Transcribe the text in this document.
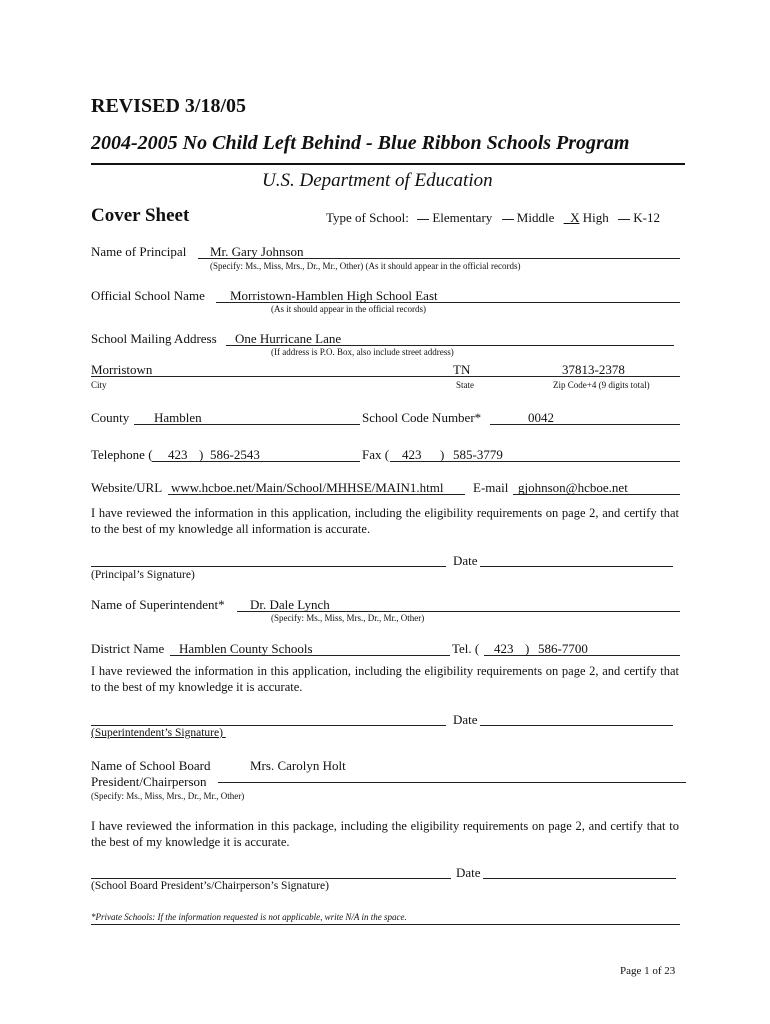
REVISED 3/18/05
2004-2005 No Child Left Behind - Blue Ribbon Schools Program
U.S. Department of Education
Cover Sheet	Type of School: Elementary Middle X High K-12
Name of Principal Mr. Gary Johnson
(Specify: Ms., Miss, Mrs., Dr., Mr., Other) (As it should appear in the official records)
Official School Name Morristown-Hamblen High School East
(As it should appear in the official records)
School Mailing Address One Hurricane Lane
(If address is P.O. Box, also include street address)
Morristown	TN	37813-2378
City	State	Zip Code+4 (9 digits total)
County Hamblen	School Code Number*	0042
Telephone ( 423 ) 586-2543	Fax ( 423 ) 585-3779
Website/URL www.hcboe.net/Main/School/MHHSE/MAIN1.html E-mail gjohnson@hcboe.net
I have reviewed the information in this application, including the eligibility requirements on page 2, and certify that to the best of my knowledge all information is accurate.
Date
(Principal’s Signature)
Name of Superintendent* Dr. Dale Lynch
(Specify: Ms., Miss, Mrs., Dr., Mr., Other)
District Name Hamblen County Schools	Tel. ( 423 ) 586-7700
I have reviewed the information in this application, including the eligibility requirements on page 2, and certify that to the best of my knowledge it is accurate.
Date
(Superintendent’s Signature)
Name of School Board
President/Chairperson
Mrs. Carolyn Holt
(Specify: Ms., Miss, Mrs., Dr., Mr., Other)
I have reviewed the information in this package, including the eligibility requirements on page 2, and certify that to the best of my knowledge it is accurate.
Date
(School Board President’s/Chairperson’s Signature)
*Private Schools: If the information requested is not applicable, write N/A in the space.
Page 1 of 23
